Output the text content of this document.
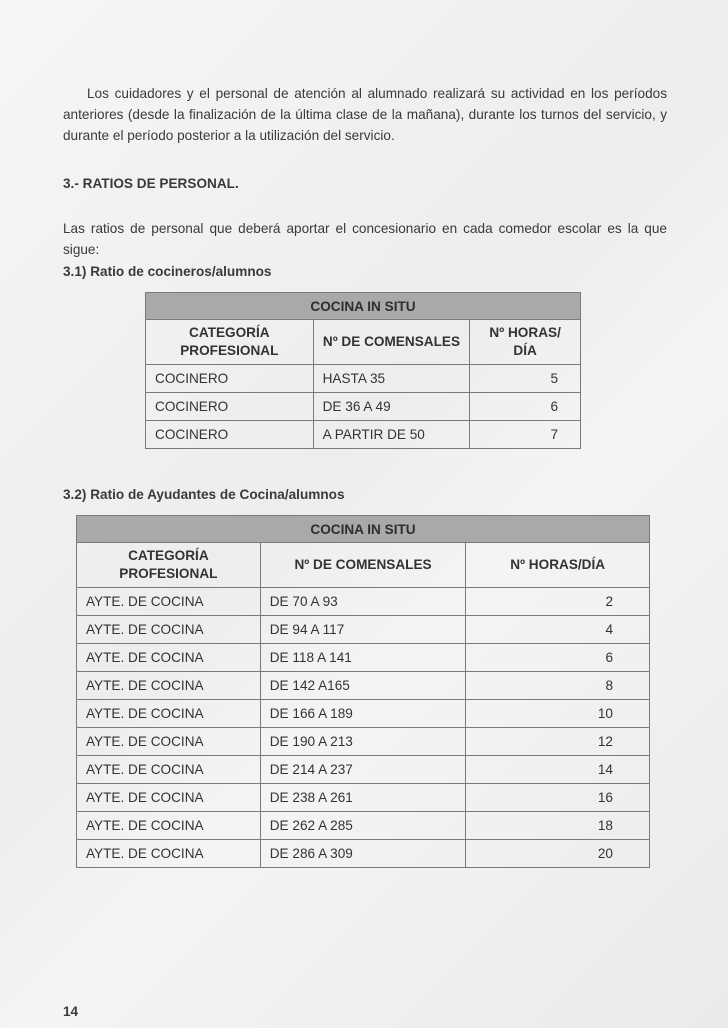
Los cuidadores y el personal de atención al alumnado realizará su actividad en los períodos anteriores (desde la finalización de la última clase de la mañana), durante los turnos del servicio, y durante el período posterior a la utilización del servicio.

3.- RATIOS DE PERSONAL.

Las ratios de personal que deberá aportar el concesionario en cada comedor escolar es la que sigue:

3.1) Ratio de cocineros/alumnos

COCINA IN SITU		
CATEGORÍA PROFESIONAL	Nº DE COMENSALES	Nº HORAS/ DÍA
COCINERO	HASTA 35	5
COCINERO	DE 36 A 49	6
COCINERO	A PARTIR DE 50	7

3.2) Ratio de Ayudantes de Cocina/alumnos

COCINA IN SITU		
CATEGORÍA PROFESIONAL	Nº DE COMENSALES	Nº HORAS/DÍA
AYTE. DE COCINA	DE 70 A 93	2
AYTE. DE COCINA	DE 94 A 117	4
AYTE. DE COCINA	DE 118 A 141	6
AYTE. DE COCINA	DE 142 A165	8
AYTE. DE COCINA	DE 166 A 189	10
AYTE. DE COCINA	DE 190 A 213	12
AYTE. DE COCINA	DE 214 A 237	14
AYTE. DE COCINA	DE 238 A 261	16
AYTE. DE COCINA	DE 262 A 285	18
AYTE. DE COCINA	DE 286 A 309	20

14
